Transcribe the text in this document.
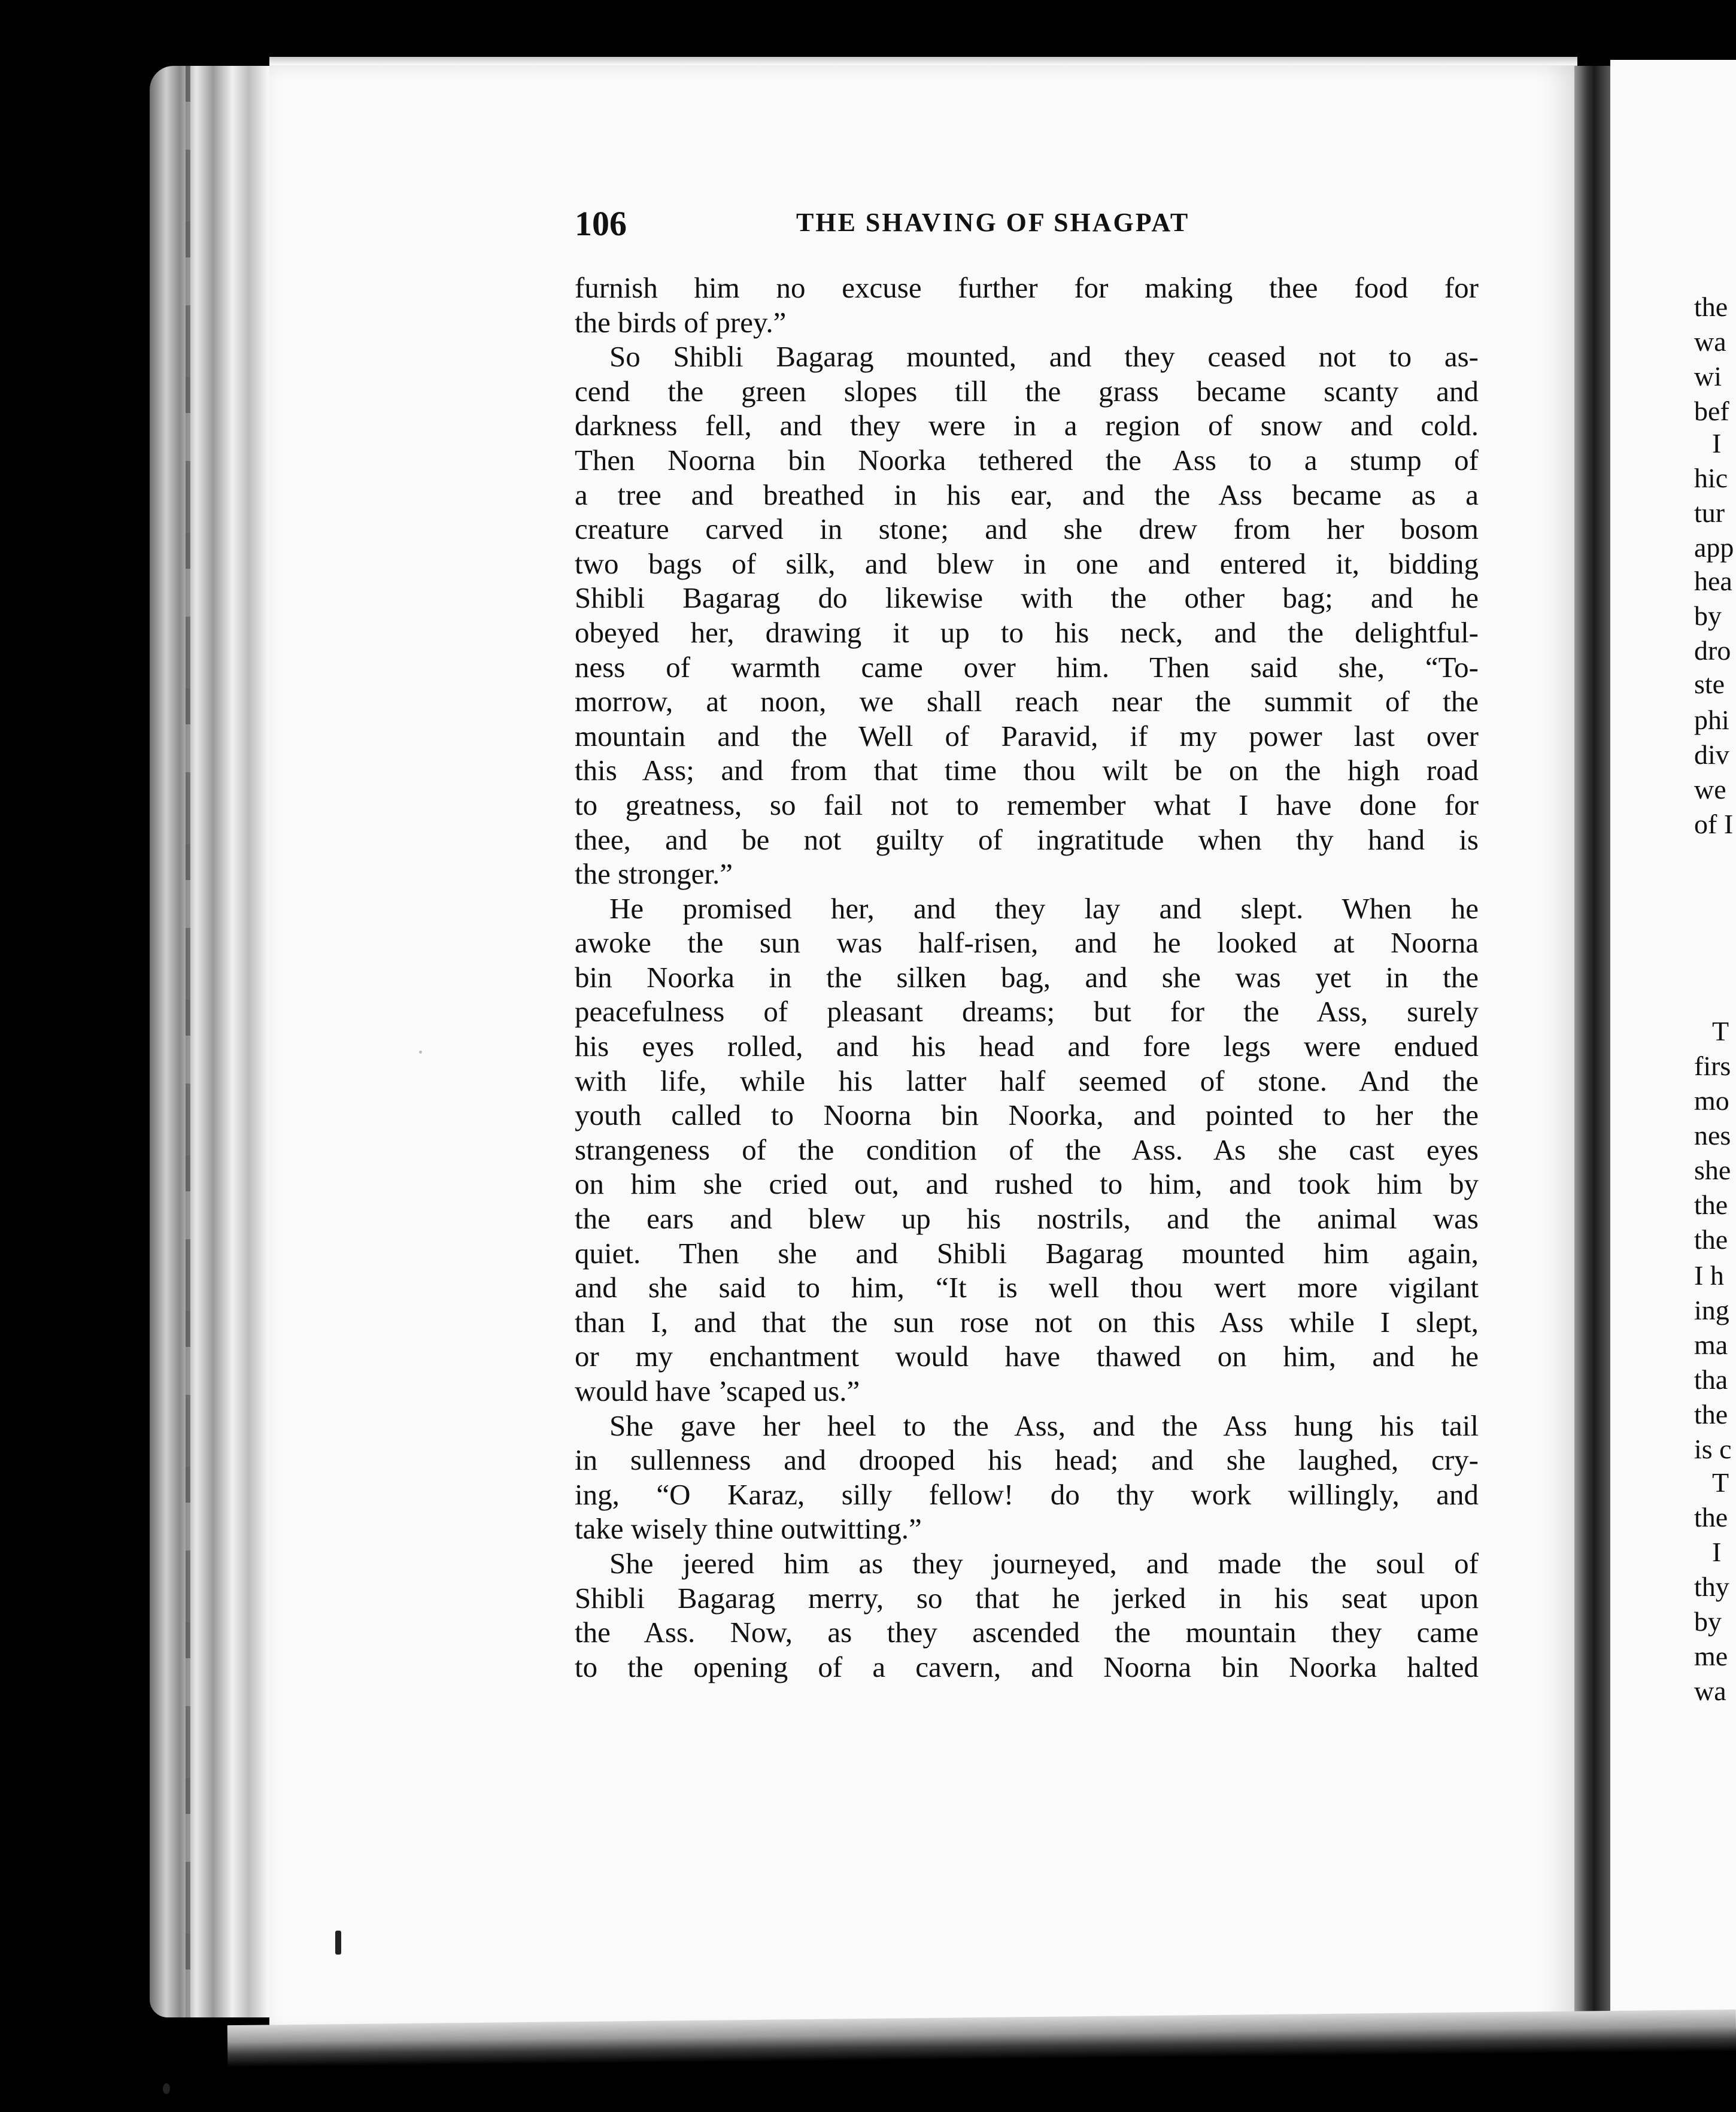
the
wa
wi
bef
I
hic
tur
app
hea
by
dro
ste
phi
div
we
of I
T
firs
mo
nes
she
the
the
I h
ing
ma
tha
the
is c
T
the
I
thy
by
me
wa
106	THE SHAVING OF SHAGPAT
furnish him no excuse further for making thee food for
the birds of prey.”
So Shibli Bagarag mounted, and they ceased not to as-
cend the green slopes till the grass became scanty and
darkness fell, and they were in a region of snow and cold.
Then Noorna bin Noorka tethered the Ass to a stump of
a tree and breathed in his ear, and the Ass became as a
creature carved in stone; and she drew from her bosom
two bags of silk, and blew in one and entered it, bidding
Shibli Bagarag do likewise with the other bag; and he
obeyed her, drawing it up to his neck, and the delightful-
ness of warmth came over him. Then said she, “To-
morrow, at noon, we shall reach near the summit of the
mountain and the Well of Paravid, if my power last over
this Ass; and from that time thou wilt be on the high road
to greatness, so fail not to remember what I have done for
thee, and be not guilty of ingratitude when thy hand is
the stronger.”
He promised her, and they lay and slept. When he
awoke the sun was half-risen, and he looked at Noorna
bin Noorka in the silken bag, and she was yet in the
peacefulness of pleasant dreams; but for the Ass, surely
his eyes rolled, and his head and fore legs were endued
with life, while his latter half seemed of stone. And the
youth called to Noorna bin Noorka, and pointed to her the
strangeness of the condition of the Ass. As she cast eyes
on him she cried out, and rushed to him, and took him by
the ears and blew up his nostrils, and the animal was
quiet. Then she and Shibli Bagarag mounted him again,
and she said to him, “It is well thou wert more vigilant
than I, and that the sun rose not on this Ass while I slept,
or my enchantment would have thawed on him, and he
would have ’scaped us.”
She gave her heel to the Ass, and the Ass hung his tail
in sullenness and drooped his head; and she laughed, cry-
ing, “O Karaz, silly fellow! do thy work willingly, and
take wisely thine outwitting.”
She jeered him as they journeyed, and made the soul of
Shibli Bagarag merry, so that he jerked in his seat upon
the Ass. Now, as they ascended the mountain they came
to the opening of a cavern, and Noorna bin Noorka halted
